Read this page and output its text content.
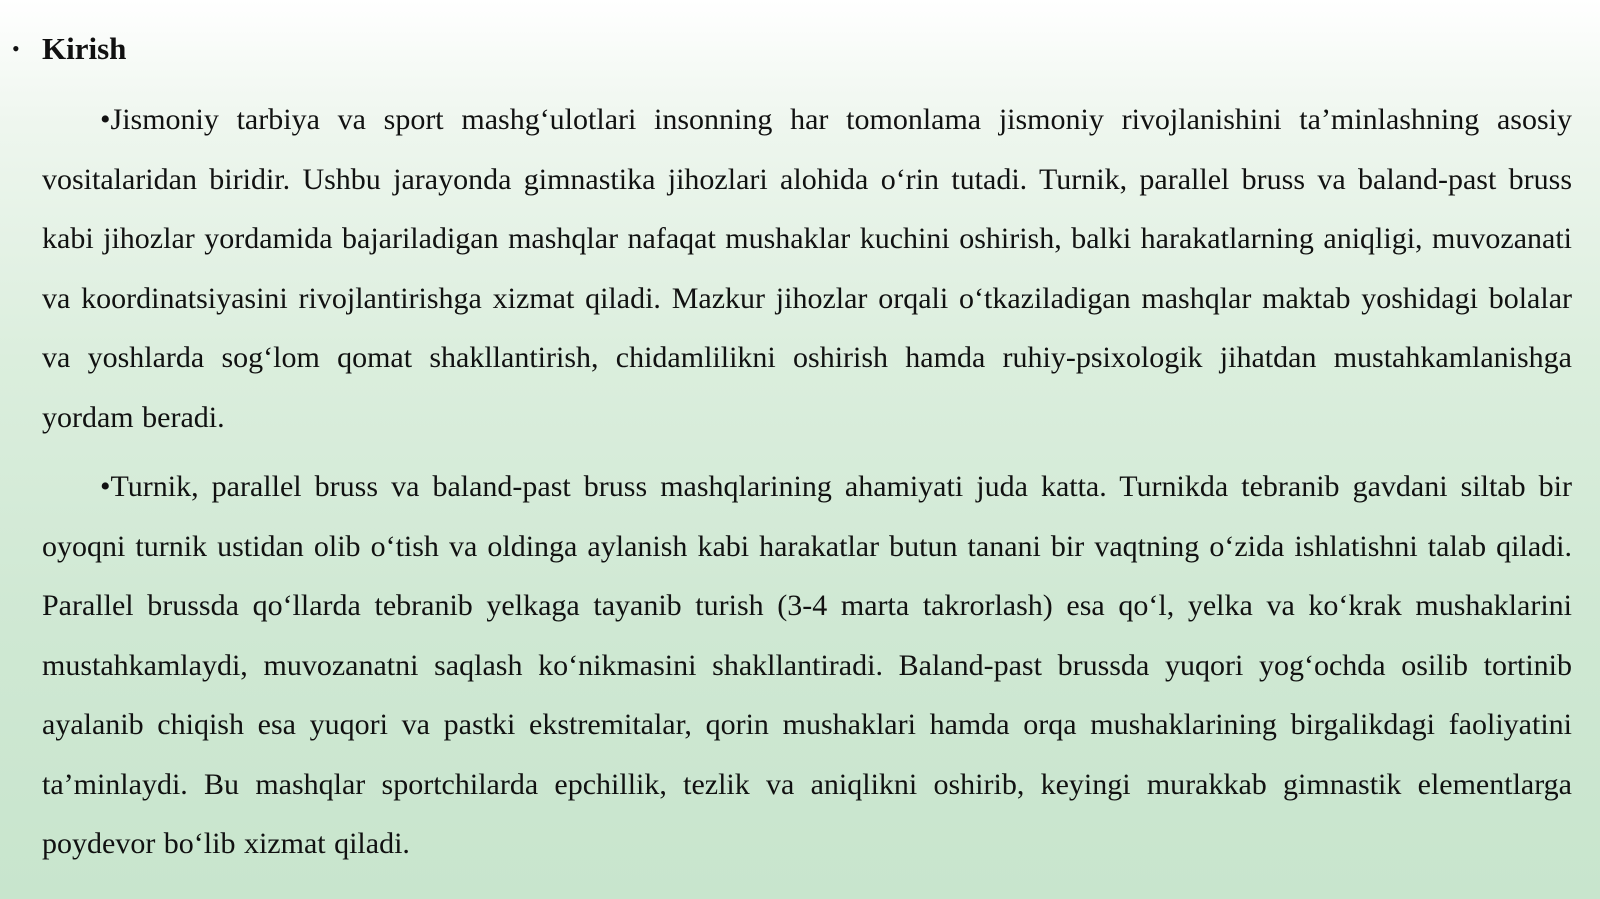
• Kirish

•Jismoniy tarbiya va sport mashg‘ulotlari insonning har tomonlama jismoniy rivojlanishini ta’minlashning asosiy vositalaridan biridir. Ushbu jarayonda gimnastika jihozlari alohida o‘rin tutadi. Turnik, parallel bruss va baland-past bruss kabi jihozlar yordamida bajariladigan mashqlar nafaqat mushaklar kuchini oshirish, balki harakatlarning aniqligi, muvozanati va koordinatsiyasini rivojlantirishga xizmat qiladi. Mazkur jihozlar orqali o‘tkaziladigan mashqlar maktab yoshidagi bolalar va yoshlarda sog‘lom qomat shakllantirish, chidamlilikni oshirish hamda ruhiy-psixologik jihatdan mustahkamlanishga yordam beradi.

•Turnik, parallel bruss va baland-past bruss mashqlarining ahamiyati juda katta. Turnikda tebranib gavdani siltab bir oyoqni turnik ustidan olib o‘tish va oldinga aylanish kabi harakatlar butun tanani bir vaqtning o‘zida ishlatishni talab qiladi. Parallel brussda qo‘llarda tebranib yelkaga tayanib turish (3-4 marta takrorlash) esa qo‘l, yelka va ko‘krak mushaklarini mustahkamlaydi, muvozanatni saqlash ko‘nikmasini shakllantiradi. Baland-past brussda yuqori yog‘ochda osilib tortinib ayalanib chiqish esa yuqori va pastki ekstremitalar, qorin mushaklari hamda orqa mushaklarining birgalikdagi faoliyatini ta’minlaydi. Bu mashqlar sportchilarda epchillik, tezlik va aniqlikni oshirib, keyingi murakkab gimnastik elementlarga poydevor bo‘lib xizmat qiladi.
